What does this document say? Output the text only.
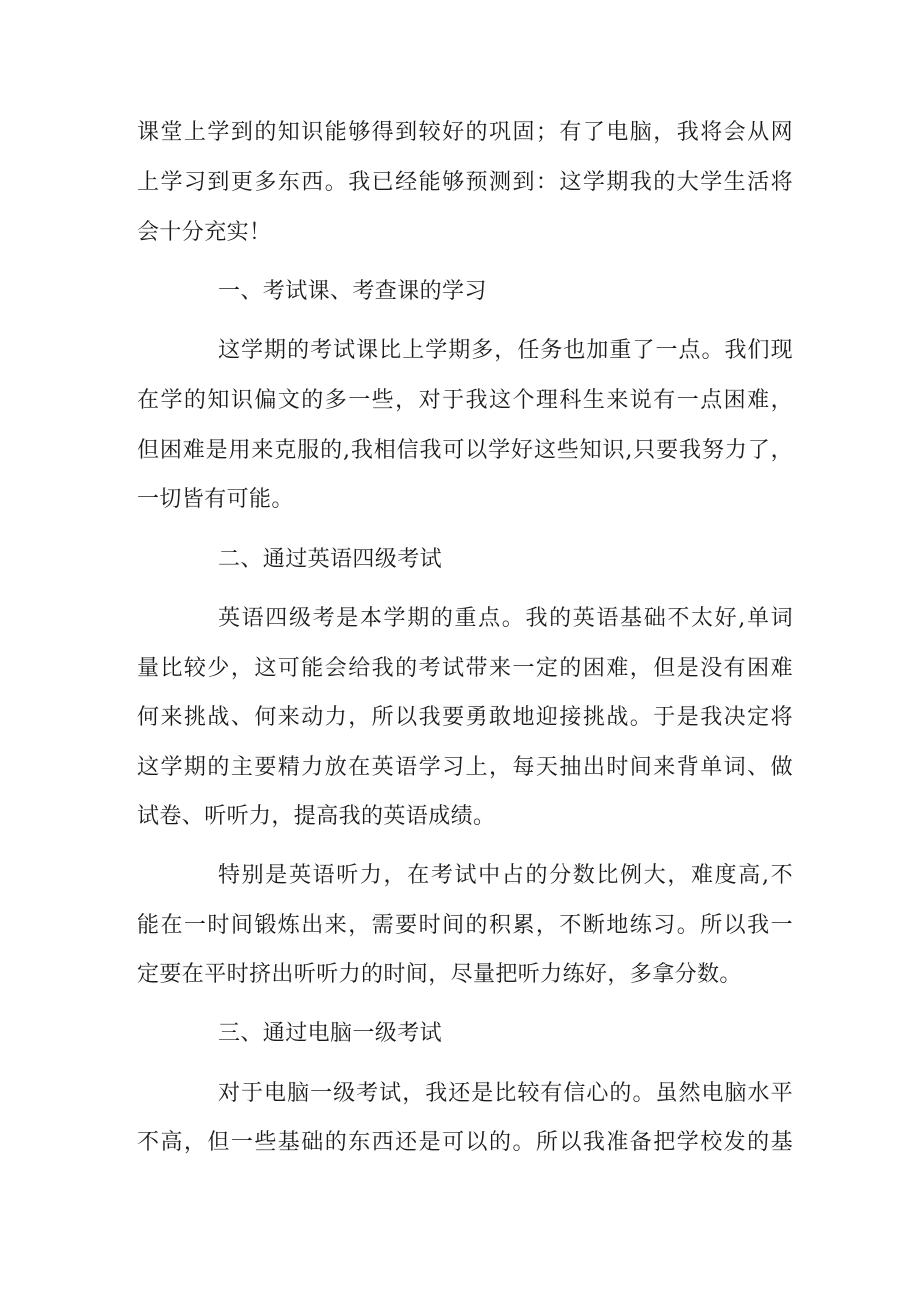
课堂上学到的知识能够得到较好的巩固；有了电脑，我将会从网
上学习到更多东西。我已经能够预测到：这学期我的大学生活将
会十分充实！
一、考试课、考查课的学习
这学期的考试课比上学期多，任务也加重了一点。我们现
在学的知识偏文的多一些，对于我这个理科生来说有一点困难，
但困难是用来克服的,我相信我可以学好这些知识,只要我努力了，
一切皆有可能。
二、通过英语四级考试
英语四级考是本学期的重点。我的英语基础不太好,单词
量比较少，这可能会给我的考试带来一定的困难，但是没有困难
何来挑战、何来动力，所以我要勇敢地迎接挑战。于是我决定将
这学期的主要精力放在英语学习上，每天抽出时间来背单词、做
试卷、听听力，提高我的英语成绩。
特别是英语听力，在考试中占的分数比例大，难度高,不
能在一时间锻炼出来，需要时间的积累，不断地练习。所以我一
定要在平时挤出听听力的时间，尽量把听力练好，多拿分数。
三、通过电脑一级考试
对于电脑一级考试，我还是比较有信心的。虽然电脑水平
不高，但一些基础的东西还是可以的。所以我准备把学校发的基
